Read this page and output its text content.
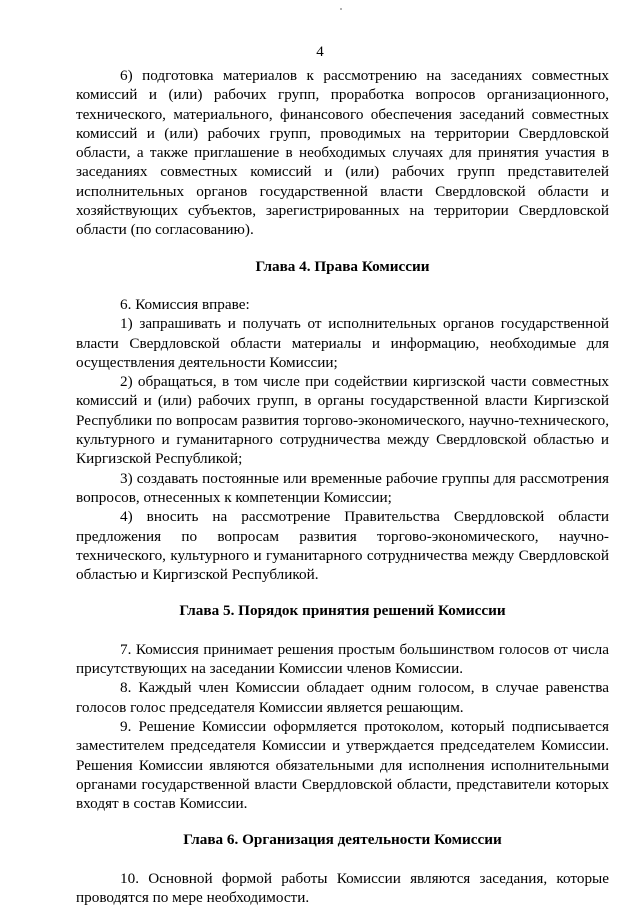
4

6) подготовка материалов к рассмотрению на заседаниях совместных комиссий и (или) рабочих групп, проработка вопросов организационного, технического, материального, финансового обеспечения заседаний совместных комиссий и (или) рабочих групп, проводимых на территории Свердловской области, а также приглашение в необходимых случаях для принятия участия в заседаниях совместных комиссий и (или) рабочих групп представителей исполнительных органов государственной власти Свердловской области и хозяйствующих субъектов, зарегистрированных на территории Свердловской области (по согласованию).

Глава 4. Права Комиссии

6. Комиссия вправе:

1) запрашивать и получать от исполнительных органов государственной власти Свердловской области материалы и информацию, необходимые для осуществления деятельности Комиссии;

2) обращаться, в том числе при содействии киргизской части совместных комиссий и (или) рабочих групп, в органы государственной власти Киргизской Республики по вопросам развития торгово-экономического, научно-технического, культурного и гуманитарного сотрудничества между Свердловской областью и Киргизской Республикой;

3) создавать постоянные или временные рабочие группы для рассмотрения вопросов, отнесенных к компетенции Комиссии;

4) вносить на рассмотрение Правительства Свердловской области предложения по вопросам развития торгово-экономического, научно-технического, культурного и гуманитарного сотрудничества между Свердловской областью и Киргизской Республикой.

Глава 5. Порядок принятия решений Комиссии

7. Комиссия принимает решения простым большинством голосов от числа присутствующих на заседании Комиссии членов Комиссии.

8. Каждый член Комиссии обладает одним голосом, в случае равенства голосов голос председателя Комиссии является решающим.

9. Решение Комиссии оформляется протоколом, который подписывается заместителем председателя Комиссии и утверждается председателем Комиссии. Решения Комиссии являются обязательными для исполнения исполнительными органами государственной власти Свердловской области, представители которых входят в состав Комиссии.

Глава 6. Организация деятельности Комиссии

10. Основной формой работы Комиссии являются заседания, которые проводятся по мере необходимости.
